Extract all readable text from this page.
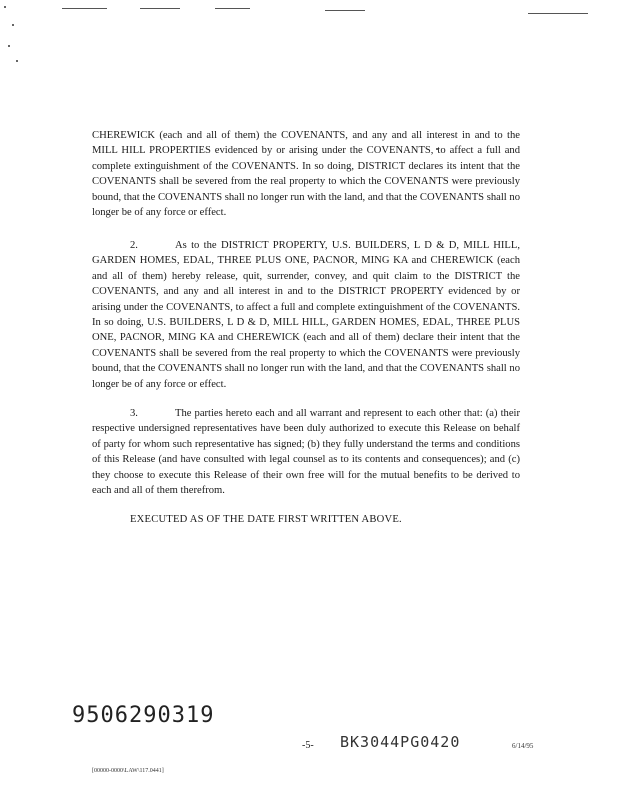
CHEREWICK (each and all of them) the COVENANTS, and any and all interest in and to the MILL HILL PROPERTIES evidenced by or arising under the COVENANTS, to affect a full and complete extinguishment of the COVENANTS. In so doing, DISTRICT declares its intent that the COVENANTS shall be severed from the real property to which the COVENANTS were previously bound, that the COVENANTS shall no longer run with the land, and that the COVENANTS shall no longer be of any force or effect.

2.	As to the DISTRICT PROPERTY, U.S. BUILDERS, L D & D, MILL HILL, GARDEN HOMES, EDAL, THREE PLUS ONE, PACNOR, MING KA and CHEREWICK (each and all of them) hereby release, quit, surrender, convey, and quit claim to the DISTRICT the COVENANTS, and any and all interest in and to the DISTRICT PROPERTY evidenced by or arising under the COVENANTS, to affect a full and complete extinguishment of the COVENANTS. In so doing, U.S. BUILDERS, L D & D, MILL HILL, GARDEN HOMES, EDAL, THREE PLUS ONE, PACNOR, MING KA and CHEREWICK (each and all of them) declare their intent that the COVENANTS shall be severed from the real property to which the COVENANTS were previously bound, that the COVENANTS shall no longer run with the land, and that the COVENANTS shall no longer be of any force or effect.

3.	The parties hereto each and all warrant and represent to each other that: (a) their respective undersigned representatives have been duly authorized to execute this Release on behalf of party for whom such representative has signed; (b) they fully understand the terms and conditions of this Release (and have consulted with legal counsel as to its contents and consequences); and (c) they choose to execute this Release of their own free will for the mutual benefits to be derived to each and all of them therefrom.

EXECUTED AS OF THE DATE FIRST WRITTEN ABOVE.
9506290319
[00000-0000\LAW\117.0441]
-5- BK3044PG0420	6/14/95
